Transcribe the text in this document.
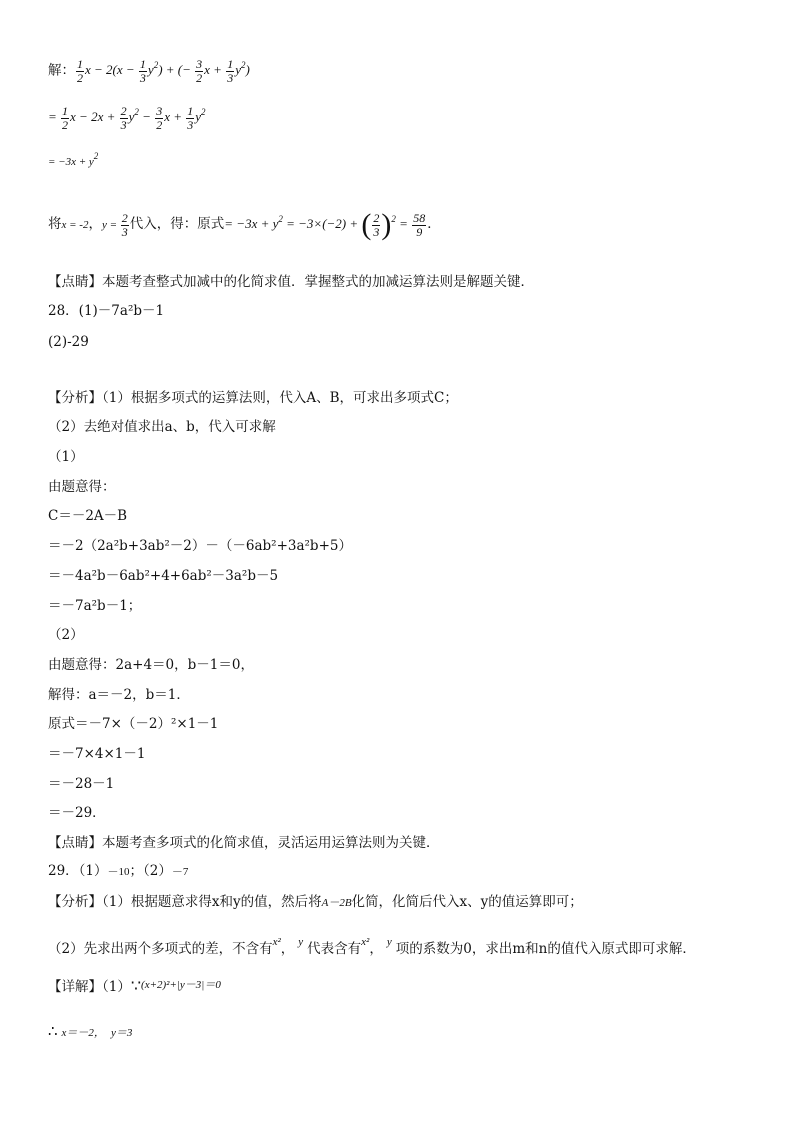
解： $\frac{1}{2}$ $x - 2(x - \frac{1}{3} y^2)$ + (− $\frac{3}{2}$ $x + \frac{1}{3} y^2$)
= $\frac{1}{2}$ $x - 2x + \frac{2}{3} y^2 - \frac{3}{2}$ $x + \frac{1}{3} y^2$
= $-3x + y^2$
将x = -2，$y = \frac{2}{3}$ 代入，得：原式= $-3x + y^2 = -3\times(-2)$ + ( $\frac{2}{3} )^2 = \frac{58}{9}$ ．
【点睛】本题考查整式加减中的化简求值．掌握整式的加减运算法则是解题关键．
28．(1)－7a²b－1
(2)-29
【分析】（1）根据多项式的运算法则，代入A、B，可求出多项式C；
（2）去绝对值求出a、b，代入可求解
（1）
由题意得：
C＝－2A－B
＝－2（2a²b+3ab²－2）－（－6ab²+3a²b+5）
＝－4a²b－6ab²+4+6ab²－3a²b－5
＝－7a²b－1；
（2）
由题意得：2a+4＝0，b－1＝0，
解得：a＝－2，b＝1．
原式＝－7×（－2）²×1－1
＝－7×4×1－1
＝－28－1
＝－29．
【点睛】本题考查多项式的化简求值，灵活运用运算法则为关键．
29．（1）－10；（2）－7
【分析】（1）根据题意求得x和y的值，然后将A－2B化简，化简后代入x、y的值运算即可；
（2）先求出两个多项式的差，不含有$^{x^2}$， $^y$ 代表含有$^{x^2}$， $^y$ 项的系数为0，求出m和n的值代入原式即可求解．
【详解】（1）∵$^{(x+2)^2+|y-3|=0}$
∴ x＝－2， y＝3
